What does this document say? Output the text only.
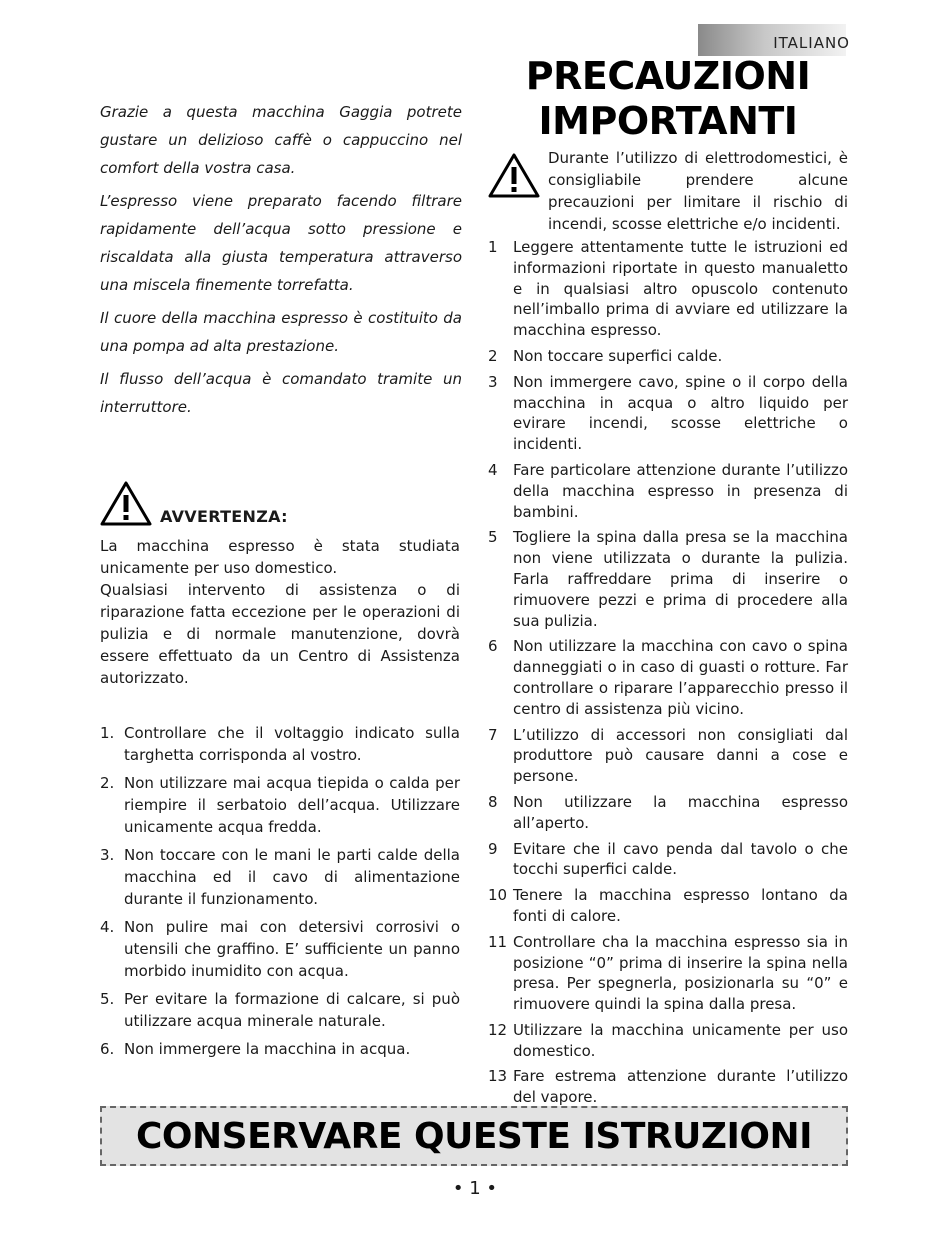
ITALIANO
PRECAUZIONI
IMPORTANTI

Grazie a questa macchina Gaggia potrete gustare un delizioso caffè o cappuccino nel comfort della vostra casa.

L’espresso viene preparato facendo filtrare rapidamente dell’acqua sotto pressione e riscaldata alla giusta temperatura attraverso una miscela finemente torrefatta.

Il cuore della macchina espresso è costituito da una pompa ad alta prestazione.

Il flusso dell’acqua è comandato tramite un interruttore.

AVVERTENZA:

La macchina espresso è stata studiata unicamente per uso domestico.

Qualsiasi intervento di assistenza o di riparazione fatta eccezione per le operazioni di pulizia e di normale manutenzione, dovrà essere effettuato da un Centro di Assistenza autorizzato.

1. Controllare che il voltaggio indicato sulla targhetta corrisponda al vostro.
2. Non utilizzare mai acqua tiepida o calda per riempire il serbatoio dell’acqua. Utilizzare unicamente acqua fredda.
3. Non toccare con le mani le parti calde della macchina ed il cavo di alimentazione durante il funzionamento.
4. Non pulire mai con detersivi corrosivi o utensili che graffino. E’ sufficiente un panno morbido inumidito con acqua.
5. Per evitare la formazione di calcare, si può utilizzare acqua minerale naturale.
6. Non immergere la macchina in acqua.

Durante l’utilizzo di elettrodomestici, è consigliabile prendere alcune precauzioni per limitare il rischio di incendi, scosse elettriche e/o incidenti.

1	Leggere attentamente tutte le istruzioni ed informazioni riportate in questo manualetto e in qualsiasi altro opuscolo contenuto nell’imballo prima di avviare ed utilizzare la macchina espresso.
2	Non toccare superfici calde.
3	Non immergere cavo, spine o il corpo della macchina in acqua o altro liquido per evirare incendi, scosse elettriche o incidenti.
4	Fare particolare attenzione durante l’utilizzo della macchina espresso in presenza di bambini.
5	Togliere la spina dalla presa se la macchina non viene utilizzata o durante la pulizia. Farla raffreddare prima di inserire o rimuovere pezzi e prima di procedere alla sua pulizia.
6	Non utilizzare la macchina con cavo o spina danneggiati o in caso di guasti o rotture. Far controllare o riparare l’apparecchio presso il centro di assistenza più vicino.
7	L’utilizzo di accessori non consigliati dal produttore può causare danni a cose e persone.
8	Non utilizzare la macchina espresso all’aperto.
9	Evitare che il cavo penda dal tavolo o che tocchi superfici calde.
10 Tenere la macchina espresso lontano da fonti di calore.
11 Controllare cha la macchina espresso sia in posizione “0” prima di inserire la spina nella presa. Per spegnerla, posizionarla su “0” e rimuovere quindi la spina dalla presa.
12 Utilizzare la macchina unicamente per uso domestico.
13 Fare estrema attenzione durante l’utilizzo del vapore.
CONSERVARE QUESTE ISTRUZIONI
• 1 •
